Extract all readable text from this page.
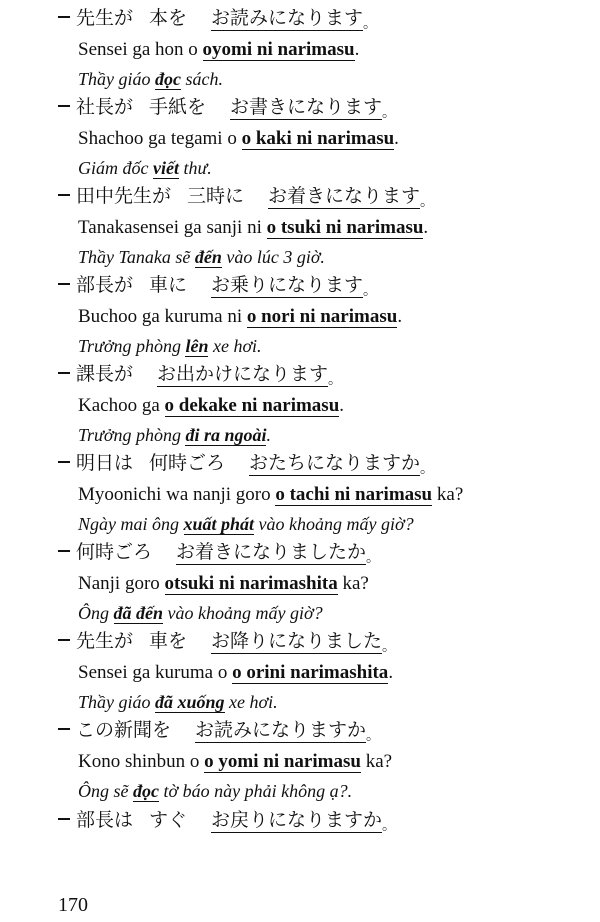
先生が 本を お読みになります$_。$
Sensei ga hon o oyomi ni narimasu.
Thầy giáo đọc sách.
社長が 手紙を お書きになります$_。$
Shachoo ga tegami o o kaki ni narimasu.
Giám đốc viết thư.
田中先生が 三時に お着きになります$_。$
Tanakasensei ga sanji ni o tsuki ni narimasu.
Thầy Tanaka sẽ đến vào lúc 3 giờ.
部長が 車に お乗りになります$_。$
Buchoo ga kuruma ni o nori ni narimasu.
Trưởng phòng lên xe hơi.
課長が お出かけになります$_。$
Kachoo ga o dekake ni narimasu.
Trưởng phòng đi ra ngoài.
明日は 何時ごろ おたちになりますか$_。$
Myoonichi wa nanji goro o tachi ni narimasu ka?
Ngày mai ông xuất phát vào khoảng mấy giờ?
何時ごろ お着きになりましたか$_。$
Nanji goro otsuki ni narimashita ka?
Ông đã đến vào khoảng mấy giờ?
先生が 車を お降りになりました$_。$
Sensei ga kuruma o o orini narimashita.
Thầy giáo đã xuống xe hơi.
この新聞を お読みになりますか$_。$
Kono shinbun o o yomi ni narimasu ka?
Ông sẽ đọc tờ báo này phải không ạ?.
部長は すぐ お戻りになりますか$_。$
170
